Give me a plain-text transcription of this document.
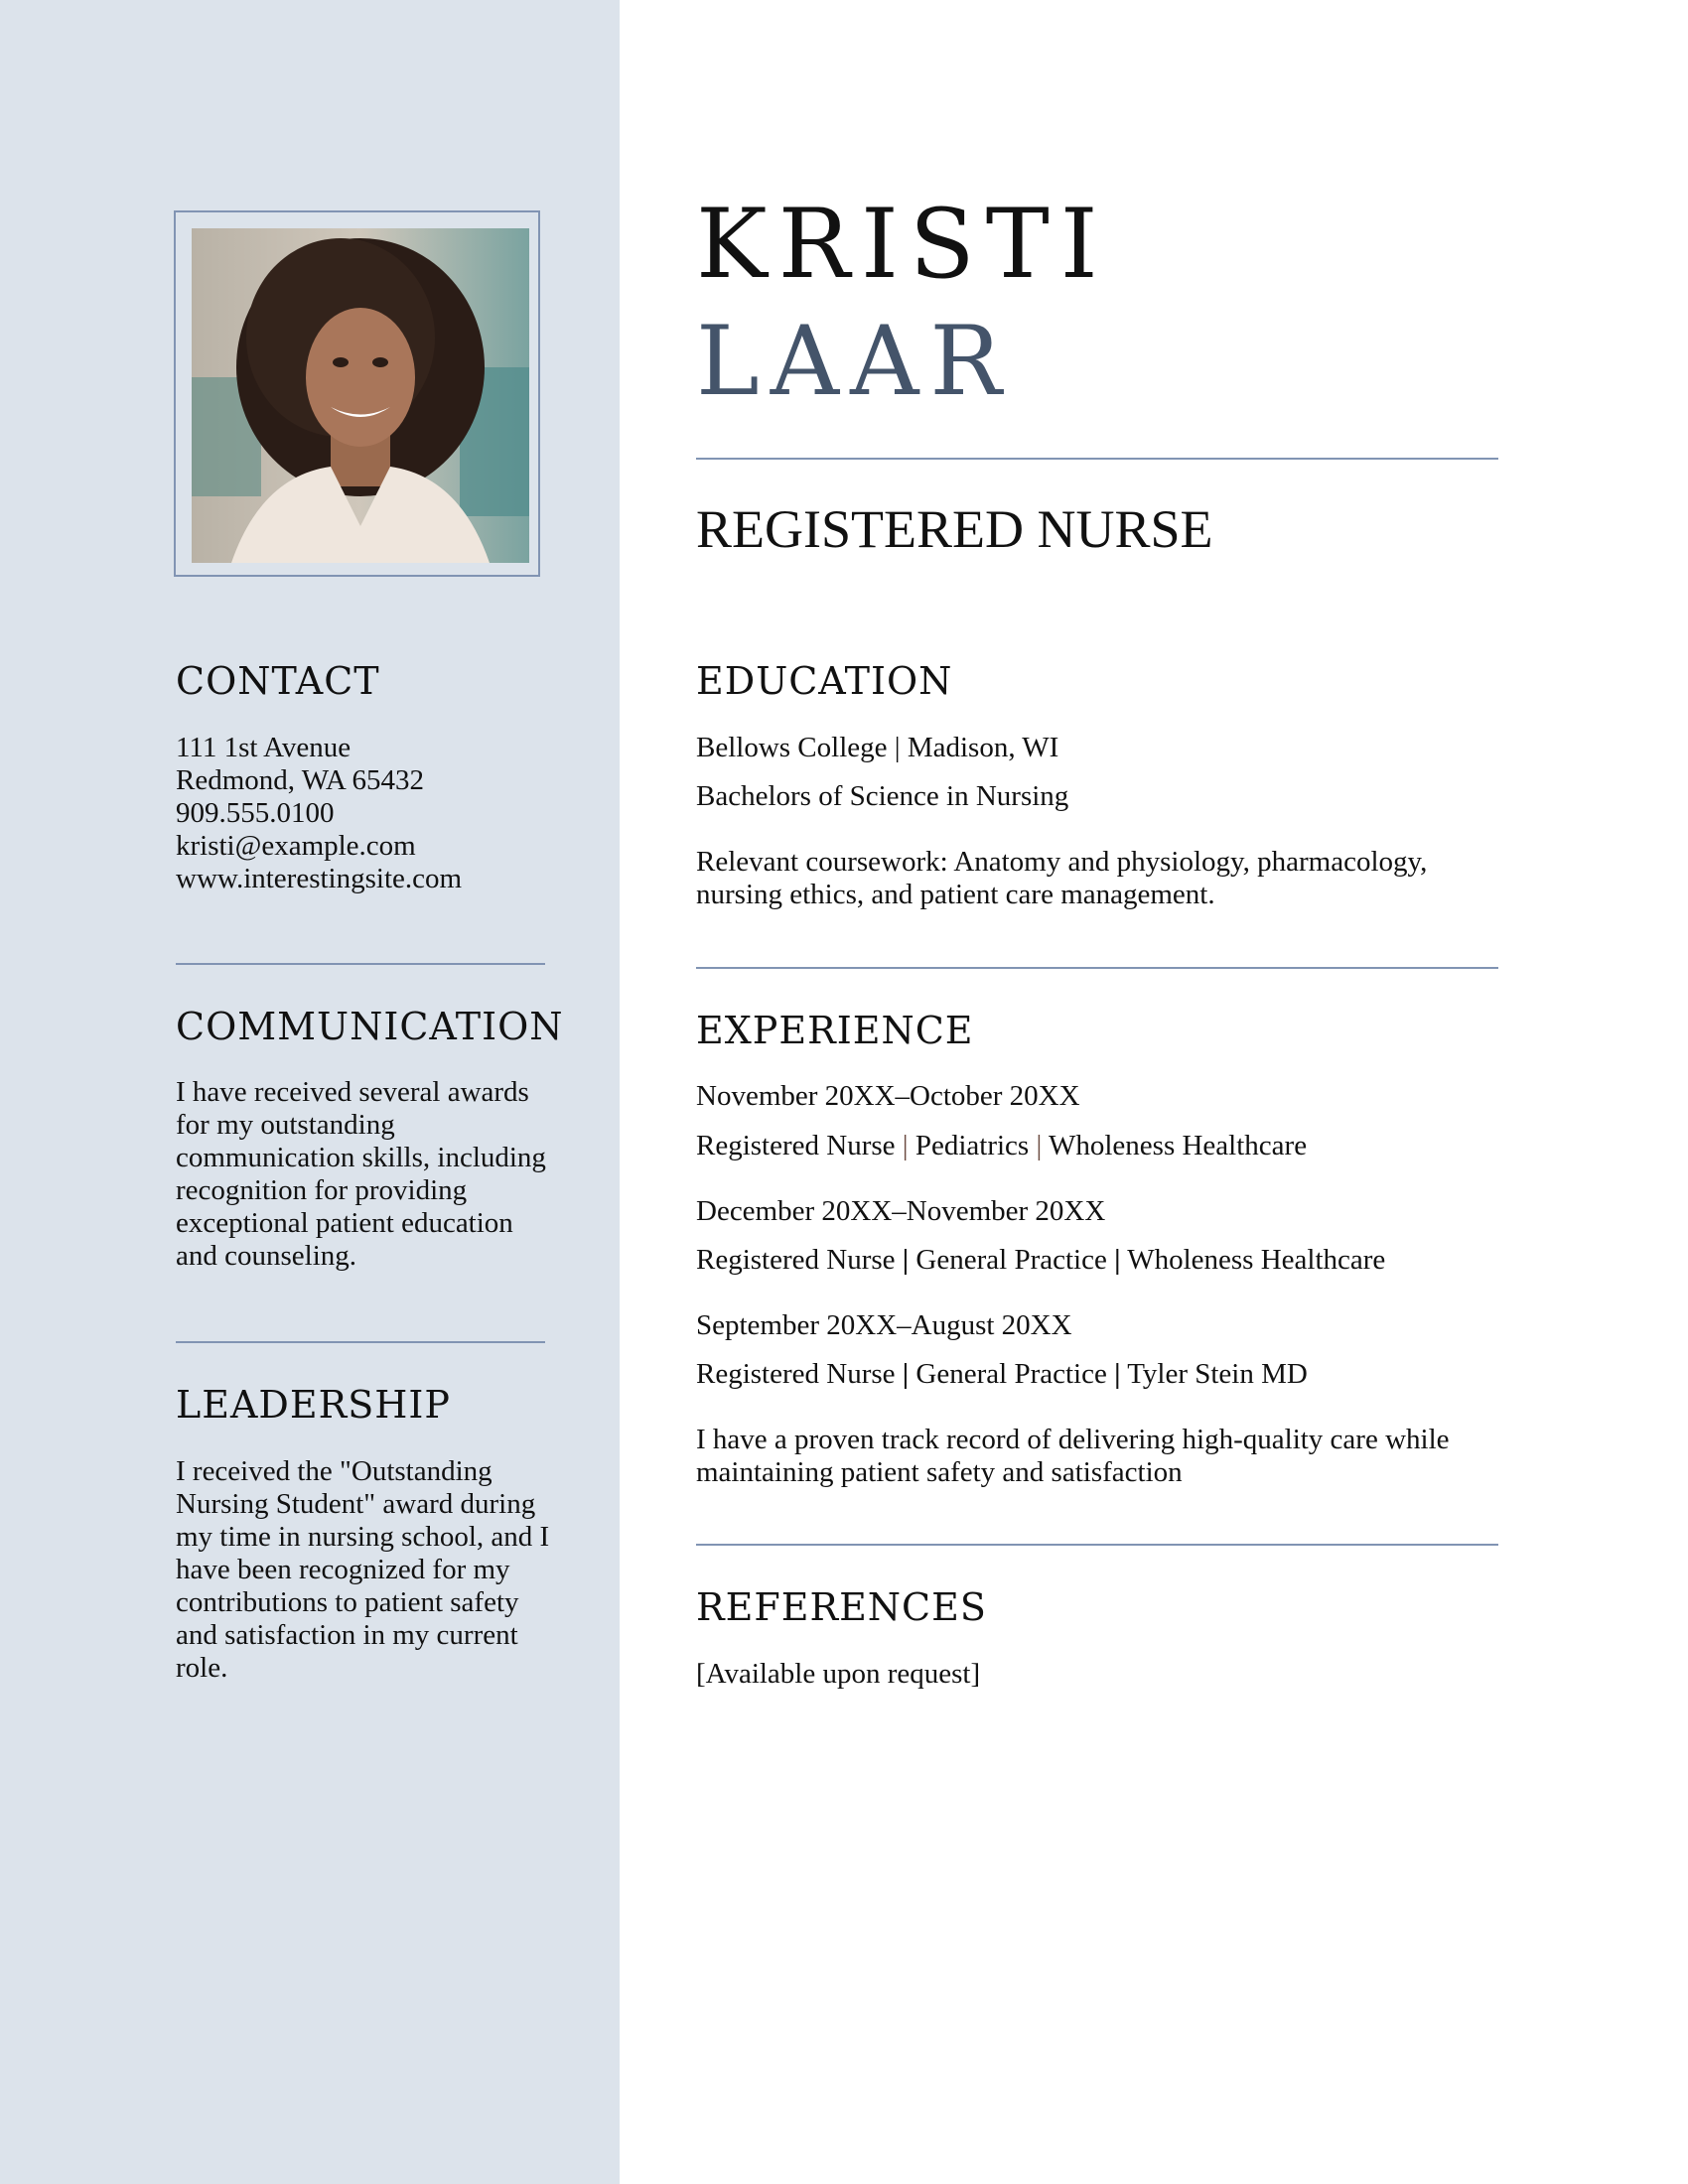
CONTACT
111 1st Avenue
Redmond, WA 65432
909.555.0100
kristi@example.com
www.interestingsite.com
COMMUNICATION
I have received several awards
for my outstanding
communication skills, including
recognition for providing
exceptional patient education
and counseling.
LEADERSHIP
I received the "Outstanding
Nursing Student" award during
my time in nursing school, and I
have been recognized for my
contributions to patient safety
and satisfaction in my current
role.
KRISTI
LAAR
REGISTERED NURSE
EDUCATION
Bellows College | Madison, WI
Bachelors of Science in Nursing
Relevant coursework: Anatomy and physiology, pharmacology,
nursing ethics, and patient care management.
EXPERIENCE
November 20XX–October 20XX
Registered Nurse | Pediatrics | Wholeness Healthcare
December 20XX–November 20XX
Registered Nurse | General Practice | Wholeness Healthcare
September 20XX–August 20XX
Registered Nurse | General Practice | Tyler Stein MD
I have a proven track record of delivering high-quality care while
maintaining patient safety and satisfaction
REFERENCES
[Available upon request]
